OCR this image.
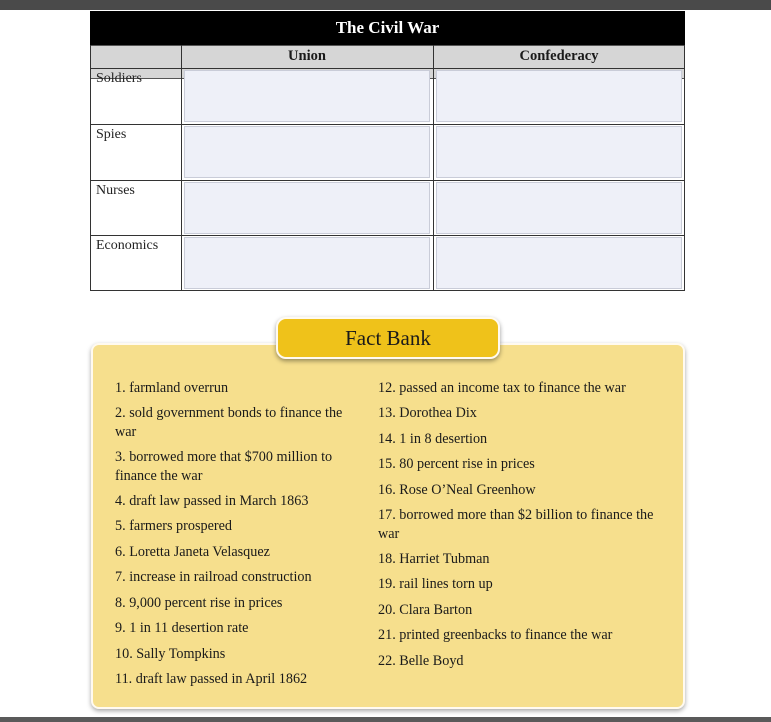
The Civil War
Union	Confederacy
Soldiers
Spies
Nurses
Economics
Fact Bank
1. farmland overrun
2. sold government bonds to finance the war
3. borrowed more that $700 million to finance the war
4. draft law passed in March 1863
5. farmers prospered
6. Loretta Janeta Velasquez
7. increase in railroad construction
8. 9,000 percent rise in prices
9. 1 in 11 desertion rate
10. Sally Tompkins
11. draft law passed in April 1862
12. passed an income tax to finance the war
13. Dorothea Dix
14. 1 in 8 desertion
15. 80 percent rise in prices
16. Rose O’Neal Greenhow
17. borrowed more than $2 billion to finance the war
18. Harriet Tubman
19. rail lines torn up
20. Clara Barton
21. printed greenbacks to finance the war
22. Belle Boyd
